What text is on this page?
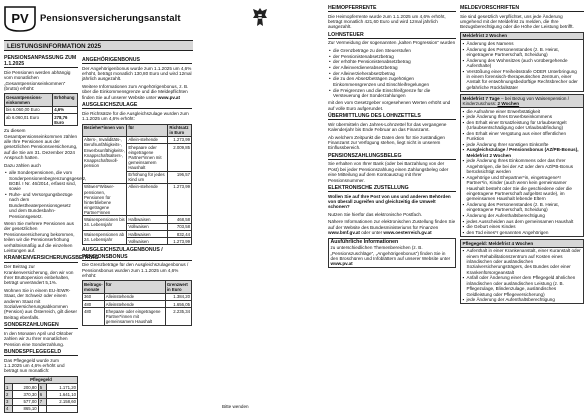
PV Pensionsversicherungsanstalt
LEISTUNGSINFORMATION 2025
PENSIONSANPASSUNG ZUM 1.1.2025

Die Pensionen werden abhängig vom monatlichen „Gesamtpensionseinkommen“ (brutto) erhöht:

Gesamtpensions-einkommen	Erhöhung
bis 6.060,00 Euro	4,6%
ab 6.060,01 Euro	278,76 Euro

Zu diesem Gesamtpensionseinkommen zählen alle Ihre Pensionen aus der gesetzlichen Pensionsversicherung, auf die Sie am 31. Dezember 2024 Anspruch hatten.

Dazu zählen auch

• alle Sonderpensionen, die vom Sonderpensionenbegrenzungsgesetz, BGBl. I Nr. 46/2014, erfasst sind, sowie
• Ruhe- und Versorgungsbezüge nach dem Bundestheaterpensionsgesetz und dem Bundesbahn-Pensionsgesetz.

Wenn Sie mehrere Pensionen aus der gesetzlichen Pensionsversicherung bekommen, teilen wir die Pensionserhöhung verhältnismäßig auf die einzelnen Leistungen auf.

KRANKENVERSICHERUNGSBEITRAG

Der Beitrag zur Krankenversicherung, den wir von Ihrer Bruttopension einbehalten, beträgt unverändert 5,1%.

Wohnen Sie in einem EU-/EWR-Staat, der Schweiz oder einem anderen Staat mit Sozialversicherungsabkommen (Pension) aus Österreich, gilt dieser Beitrag ebenfalls.

SONDERZAHLUNGEN

In den Monaten April und Oktober zahlen wir zu Ihrer monatlichen Pension eine Sonderzahlung.

BUNDESPFLEGEGELD

Das Pflegegeld wurde zum 1.1.2025 um 4,6% erhöht und beträgt nun monatlich:

Pflegegeld			
1	200,80	5	1.171,20
2	370,30	6	1.641,10
3	577,00	7	2.158,60
4	865,10		
ANGEHÖRIGENBONUS

Der Angehörigenbonus wurde zum 1.1.2025 um 4,6% erhöht, beträgt monatlich 130,80 Euro und wird 12mal jährlich ausgezahlt.

Weitere Informationen zum Angehörigenbonus, z. B. über die Einkommensgrenze und die Meldepflichten finden Sie auf unserer Website unter www.pv.at

AUSGLEICHSZULAGE

Die Richtsätze für die Ausgleichszulage wurden zum 1.1.2025 um 4,6% erhöht:

Bezieher*innen von	für	Richtsatz in Euro
Alters-, Invaliditäts-, Berufsunfähigkeits-, Erwerbsunfähigkeits-, Knappschaftsalters-, Knappschaftsvoll-pension	Allein-stehende	1.273,99
	Ehepaare oder eingetragene Partner*innen mit gemeinsamem Haushalt	2.009,85
	Erhöhung für jedes Kind um	196,57
Witwen*Witwer-pensionen, Pensionen für hinterbliebene eingetragene Partner*innen	Allein-stehende	1.273,99
Waisenpensionen bis 24. Lebensjahr	Halbwaisen	468,58
	Vollwaisen	703,58
Waisenpensionen ab 24. Lebensjahr	Halbwaisen	832,44
	Vollwaisen	1.273,99
AUSGLEICHSZULAGENBONUS / PENSIONSBONUS

Die Grenzbeträge für den Ausgleichszulagenbonus / Pensionsbonus wurden zum 1.1.2025 um 4,6% erhöht:

Beitrags-monate	für	Grenzwert in Euro
360	Alleinstehende	1.384,20
480	Alleinstehende	1.656,05
480	Ehepaare oder eingetragene Partner*innen mit gemeinsamem Haushalt	2.235,34
HEIMOPFERRENTE

Die Heimopferrente wurde zum 1.1.2025 um 4,6% erhöht, beträgt monatlich 421,60 Euro und wird 12mal jährlich ausgezahlt.

LOHNSTEUER

Zur Vermeidung der sogenannten „kalten Progression“ wurden

• die Grenzbeträge zu den Steuerstufen
• der Pensionistenabsetzbetrag
• der erhöhte Pensionistenabsetzbetrag
• der Alleinverdienerabsetzbetrag
• der Alleinerzieherabsetzbetrag
• die zu den Absetzbeträgen zugehörigen Einkommensgrenzen und Einschleifregelungen
• die Freigrenzen und die Einschleifgrenze für die Versteuerung der Sonderzahlungen

mit den vom Gesetzgeber vorgesehenen Werten erhöht und auf volle Euro aufgerundet.

ÜBERMITTLUNG DES LOHNZETTELS

Wir übermitteln den Jahres-Lohnzettel für das vergangene Kalenderjahr bis Ende Februar an das Finanzamt.

Ab welchem Zeitpunkt die Daten dem für Sie zuständigen Finanzamt zur Verfügung stehen, liegt nicht in unserem Einflussbereich.

PENSIONSZAHLUNGSBELEG

Sie erhalten von Ihrer Bank (oder bei Barzahlung von der Post) bei jeder Pensionszahlung einen Zahlungsbeleg oder eine Mitteilung auf dem Kontoauszug mit Ihrer Pensionsnummer.

ELEKTRONISCHE ZUSTELLUNG

Wollen Sie auf Ihre Post von uns und anderen Behörden von überall zugreifen und gleichzeitig die Umwelt schonen?

Nutzen Sie hierfür das elektronische Postfach.

Nähere Informationen zur elektronischen Zustellung finden Sie auf der Website des Bundesministeriums für Finanzen www.bmf.gv.at oder unter www.oesterreich.gv.at

Ausführliche Informationen
zu unterschiedlichen Themenbereichen (z. B. „Pensionszuschläge“, „Angehörigenbonus“) finden Sie in den Broschüren und Infoblättern auf unserer Website unter www.pv.at
MELDEVORSCHRIFTEN

Sie sind gesetzlich verpflichtet, uns jede Änderung umgehend mit der Meldefrist zu melden, die Ihre Bezugsberechtigung oder die Höhe der Leistung betrifft.

Meldefrist 2 Wochen
▪ Änderung des Namens
▪ Änderung des Personenstandes (z. B. Heirat, eingetragene Partnerschaft, Scheidung)
▪ Änderung des Wohnsitzes (auch vorübergehende Aufenthalte)
▪ Verstößung einer Freiheitsstrafe ODER Unterbringung in einem forensisch-therapeutischen Zentrum, einer Anstalt für entwöhnungsbedürftige Rechtsbrecher oder gefährliche Rückfallstäter
Meldefrist 7 Tage – bei Bezug von Waisenpension / Kinderzuschuss: 2 Wochen
▪ die Aufnahme einer Erwerbstätigkeit
▪ jede Änderung Ihres Erwerbseinkommens
▪ den Erhalt einer Ersatzleistung für Urlaubsentgelt (Urlaubsentschädigung oder Urlaubsabfindung)
▪ den Erhalt einer Vergütung aus einer öffentlichen Funktion
▪ jede Änderung Ihrer sonstigen Einkünfte
▪ Ausgleichszulage / Pensionsbonus (AZ/PB-Bonus), Meldefrist 2 Wochen
▪ jede Änderung Ihres Einkommens oder das Ihrer Angehörigen, die bei der AZ oder dem AZ/PB-Bonus berücksichtigt werden
▪ Angehörige und Ehepartner*in, eingetragene*r Partner*in, Kinder (auch wenn kein gemeinsamer Haushalt besteht oder Sie die geschiedene oder die eingetragene Partnerschaft aufgelöst wurde), im gemeinsamen Haushalt lebende Eltern
▪ Änderung des Personenstandes (z. B. Heirat, eingetragene Partnerschaft, Scheidung)
▪ Änderung der Aufenthaltsberechtigung
▪ jedes Ausscheiden aus dem gemeinsamen Haushalt
▪ die Geburt eines Kindes
▪ den Tod eines*r genannten Angehörigen
Pflegegeld: Meldefrist 4 Wochen
▪ Aufenthalt in einer Krankenanstalt, einer Kuranstalt oder einem Rehabilitationszentrum auf Kosten eines inländischen oder ausländischen Sozialversicherungsträgers, des Bundes oder einer Krankenfürsorgeanstalt
▪ Anfall oder Änderung einer dem Pflegegeld ähnlichen inländischen oder ausländischen Leistung (z. B. Pflegezulage, Blindenzulage, ausländisches Geldleistung oder Pflegeversicherung)
▪ jede Änderung der Aufenthaltsberechtigung
Bitte wenden
